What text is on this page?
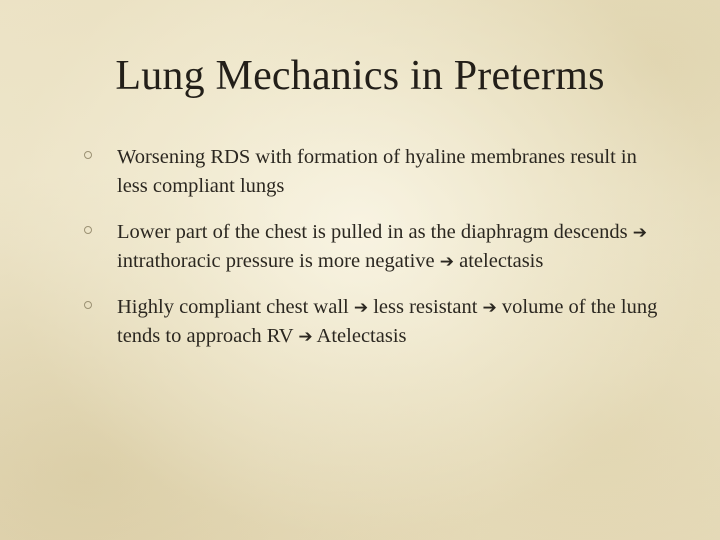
Lung Mechanics in Preterms
Worsening RDS with formation of hyaline membranes result in less compliant lungs
Lower part of the chest is pulled in as the diaphragm descends ➔ intrathoracic pressure is more negative ➔ atelectasis
Highly compliant chest wall ➔ less resistant ➔ volume of the lung tends to approach RV ➔ Atelectasis
